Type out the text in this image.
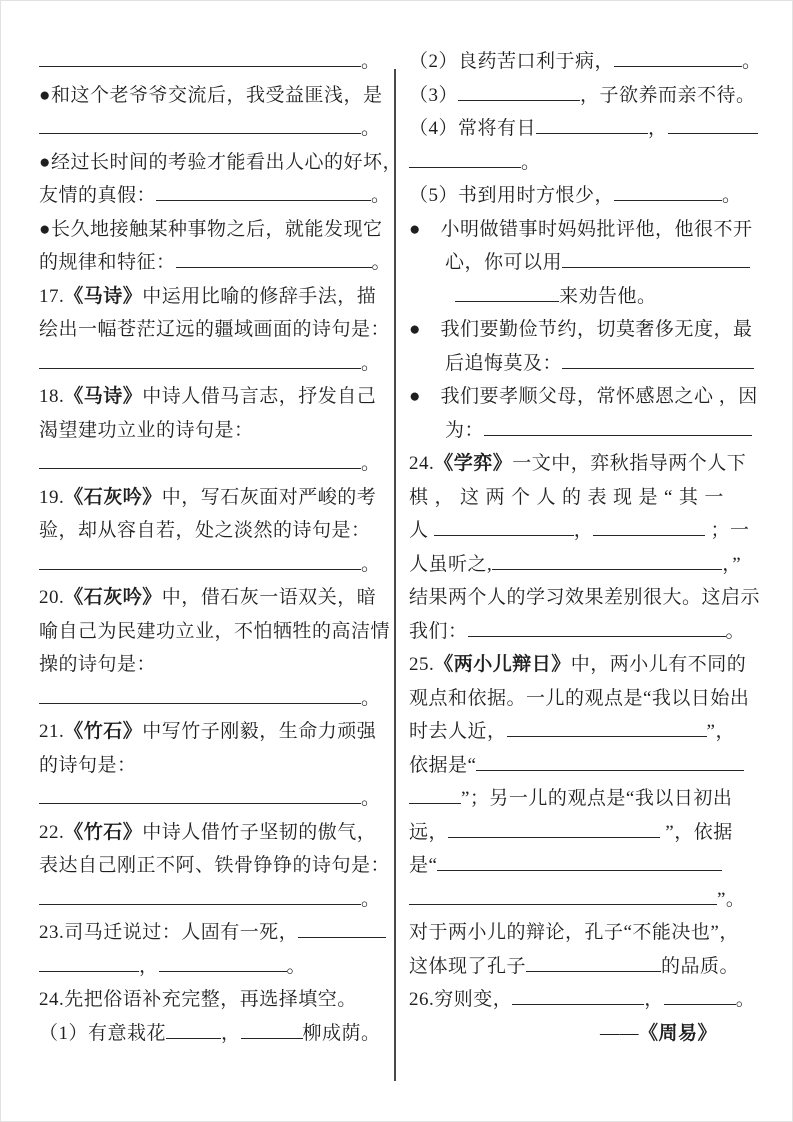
。
●和这个老爷爷交流后，我受益匪浅，是
。
●经过长时间的考验才能看出人心的好坏，
友情的真假：	。
●长久地接触某种事物之后，就能发现它
的规律和特征：	。
17.《马诗》中运用比喻的修辞手法，描
绘出一幅苍茫辽远的疆域画面的诗句是：
。
18.《马诗》中诗人借马言志，抒发自己
渴望建功立业的诗句是：
。
19.《石灰吟》中，写石灰面对严峻的考
验，却从容自若，处之淡然的诗句是：
。
20.《石灰吟》中，借石灰一语双关，暗
喻自己为民建功立业，不怕牺牲的高洁情
操的诗句是：
。
21.《竹石》中写竹子刚毅，生命力顽强
的诗句是：
。
22.《竹石》中诗人借竹子坚韧的傲气，
表达自己刚正不阿、铁骨铮铮的诗句是：
。
23.司马迁说过：人固有一死，
，	。
24.先把俗语补充完整，再选择填空。
（1）有意栽花	，	柳成荫。
（2）良药苦口利于病，	。
（3）	，子欲养而亲不待。
（4）常将有日	，
。
（5）书到用时方恨少，	。
● 小明做错事时妈妈批评他，他很不开
心，你可以用
来劝告他。
● 我们要勤俭节约，切莫奢侈无度，最
后追悔莫及：
● 我们要孝顺父母，常怀感恩之心 ，因
为：
24.《学弈》一文中，弈秋指导两个人下
棋，这两个人的表现是“其一
人	，	；一
人虽听之,	，”
结果两个人的学习效果差别很大。这启示
我们：	。
25.《两小儿辩日》中，两小儿有不同的
观点和依据。一儿的观点是“我以日始出
时去人近，	”，
依据是“
”；另一儿的观点是“我以日初出
远，	”，依据
是“
”。
对于两小儿的辩论，孔子“不能决也”，
这体现了孔子	的品质。
26.穷则变，	，	。
——《周易》
